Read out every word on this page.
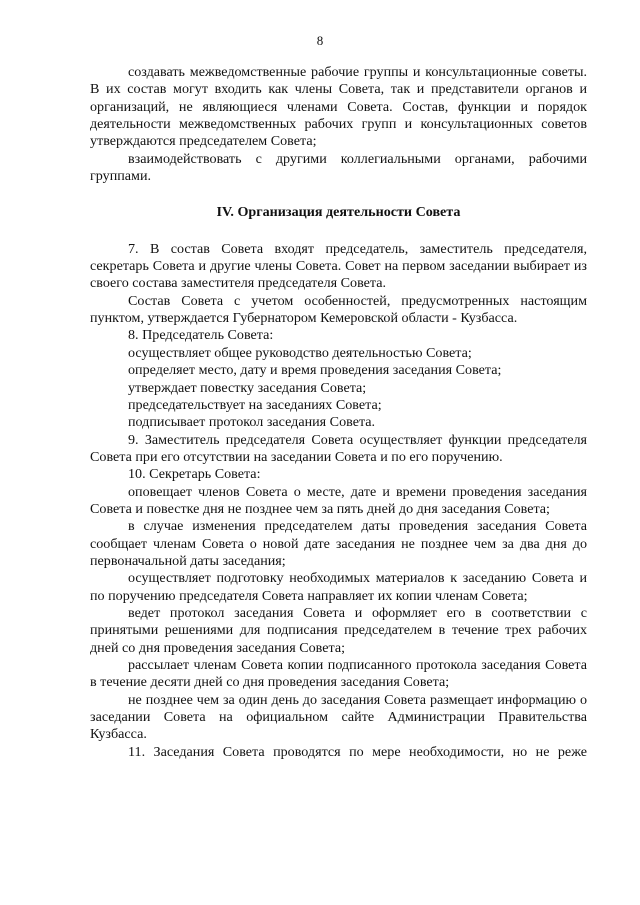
8

создавать межведомственные рабочие группы и консультационные советы. В их состав могут входить как члены Совета, так и представители органов и организаций, не являющиеся членами Совета. Состав, функции и порядок деятельности межведомственных рабочих групп и консультационных советов утверждаются председателем Совета;

взаимодействовать с другими коллегиальными органами, рабочими группами.

IV. Организация деятельности Совета

7. В состав Совета входят председатель, заместитель председателя, секретарь Совета и другие члены Совета. Совет на первом заседании выбирает из своего состава заместителя председателя Совета.

Состав Совета с учетом особенностей, предусмотренных настоящим пунктом, утверждается Губернатором Кемеровской области - Кузбасса.

8. Председатель Совета:

осуществляет общее руководство деятельностью Совета;

определяет место, дату и время проведения заседания Совета;

утверждает повестку заседания Совета;

председательствует на заседаниях Совета;

подписывает протокол заседания Совета.

9. Заместитель председателя Совета осуществляет функции председателя Совета при его отсутствии на заседании Совета и по его поручению.

10. Секретарь Совета:

оповещает членов Совета о месте, дате и времени проведения заседания Совета и повестке дня не позднее чем за пять дней до дня заседания Совета;

в случае изменения председателем даты проведения заседания Совета сообщает членам Совета о новой дате заседания не позднее чем за два дня до первоначальной даты заседания;

осуществляет подготовку необходимых материалов к заседанию Совета и по поручению председателя Совета направляет их копии членам Совета;

ведет протокол заседания Совета и оформляет его в соответствии с принятыми решениями для подписания председателем в течение трех рабочих дней со дня проведения заседания Совета;

рассылает членам Совета копии подписанного протокола заседания Совета в течение десяти дней со дня проведения заседания Совета;

не позднее чем за один день до заседания Совета размещает информацию о заседании Совета на официальном сайте Администрации Правительства Кузбасса.

11. Заседания Совета проводятся по мере необходимости, но не реже
